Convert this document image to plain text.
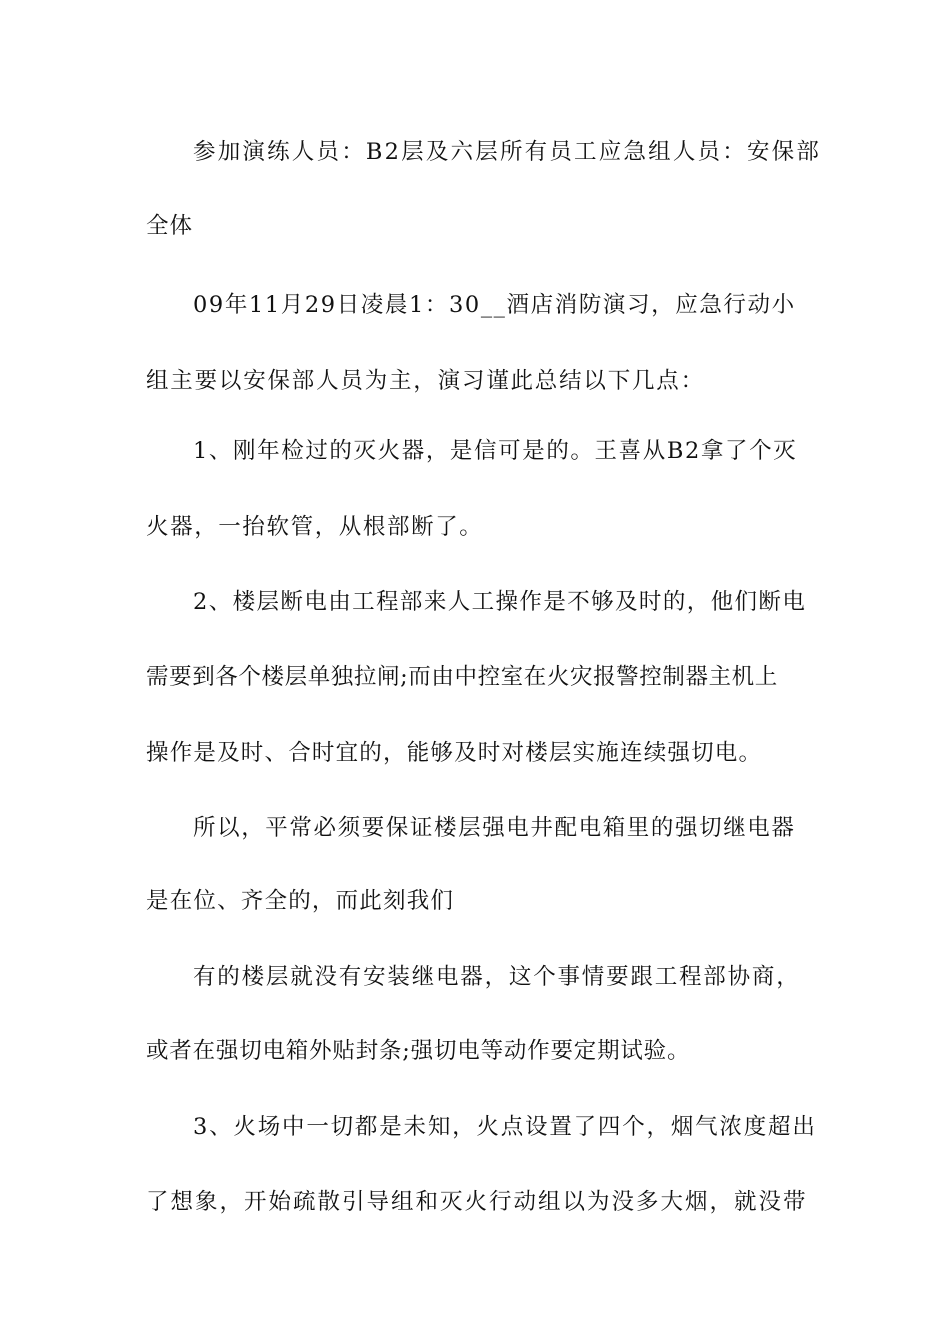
参加演练人员：B2层及六层所有员工应急组人员：安保部
全体
09年11月29日凌晨1：30__酒店消防演习，应急行动小
组主要以安保部人员为主，演习谨此总结以下几点：
1、刚年检过的灭火器，是信可是的。王喜从B2拿了个灭
火器，一抬软管，从根部断了。
2、楼层断电由工程部来人工操作是不够及时的，他们断电
需要到各个楼层单独拉闸;而由中控室在火灾报警控制器主机上
操作是及时、合时宜的，能够及时对楼层实施连续强切电。
所以，平常必须要保证楼层强电井配电箱里的强切继电器
是在位、齐全的，而此刻我们
有的楼层就没有安装继电器，这个事情要跟工程部协商，
或者在强切电箱外贴封条;强切电等动作要定期试验。
3、火场中一切都是未知，火点设置了四个，烟气浓度超出
了想象，开始疏散引导组和灭火行动组以为没多大烟，就没带
